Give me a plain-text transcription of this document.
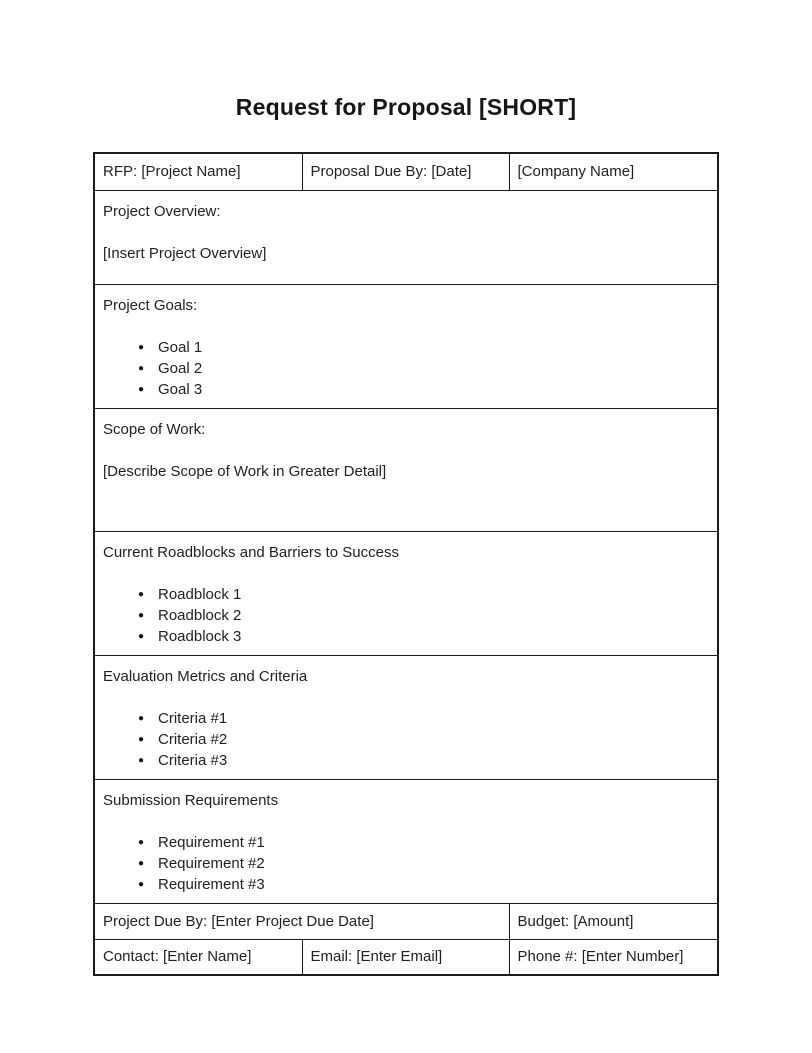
Request for Proposal [SHORT]
RFP: [Project Name]	Proposal Due By: [Date]	[Company Name]

Project Overview:
[Insert Project Overview]		

Project Goals:
● Goal 1
● Goal 2
● Goal 3

Scope of Work:
[Describe Scope of Work in Greater Detail]		

Current Roadblocks and Barriers to Success
● Roadblock 1
● Roadblock 2
● Roadblock 3

Evaluation Metrics and Criteria
● Criteria #1
● Criteria #2
● Criteria #3

Submission Requirements
● Requirement #1
● Requirement #2
● Requirement #3

Project Due By: [Enter Project Due Date]		Budget: [Amount]
Contact: [Enter Name]	Email: [Enter Email]	Phone #: [Enter Number]
